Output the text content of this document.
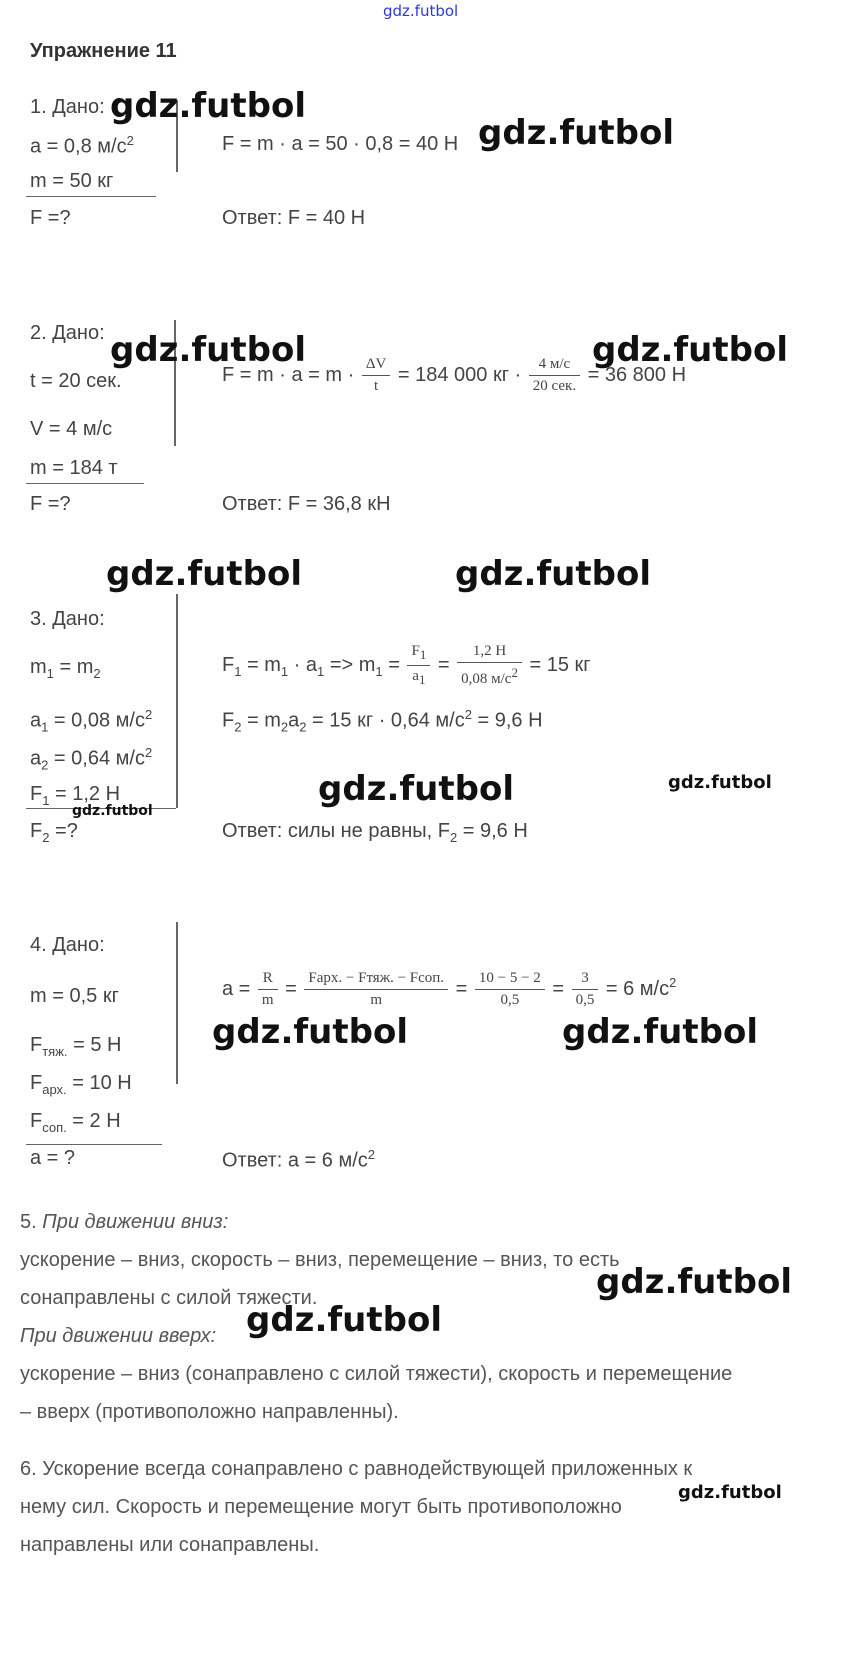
gdz.futbol
Упражнение 11
1. Дано:
a = 0,8 $м/с^2$
m = 50 кг
F =?
F = m · a = 50 · 0,8 = 40 Н
Ответ: F = 40 Н
2. Дано:
t = 20 сек.
V = 4 м/с
m = 184 т
F =?
$F = m \cdot a = m \cdot \frac{\Delta V}{t} = 184$ 000 кг · $\frac{4 м/с}{\text{20 сек.}} = 36$ 800 Н
Ответ: F = 36,8 кН
3. Дано:
$m_1 = m_2$
$a_1 = 0,08$ $м/с^2$
$a_2 = 0,64$ $м/с^2$
$F_1 = 1,2$ Н
$F_2$ =?
$F_1 = m_1 \cdot a_1 => m_1 = \frac{F_1}{a_1} = \frac{1,2 Н}{0,08 м/с^2} = 15$ кг
$F_2 = m_2a_2 = 15$ кг · 0,64 $м/с^2 = 9,6$ Н
Ответ: силы не равны, $F_2 = 9,6$ Н
4. Дано:
m = 0,5 кг
$F_{тяж.} = 5$ Н
$F_{арх.} = 10$ Н
$F_{соп.} = 2$ Н
a = ?
$a = \frac{R}{m} = \frac{\text{Fарх. − Fтяж. − Fсоп.}}{m} = \frac{10 - 5 - 2}{0,5} = \frac{3}{0,5} = 6$ $м/с^2$
Ответ: a = 6 $м/с^2$
5. При движении вниз:
ускорение – вниз, скорость – вниз, перемещение – вниз, то есть
сонаправлены с силой тяжести.
При движении вверх:
ускорение – вниз (сонаправлено с силой тяжести), скорость и перемещение
– вверх (противоположно направленны).
6. Ускорение всегда сонаправлено с равнодействующей приложенных к
нему сил. Скорость и перемещение могут быть противоположно
направлены или сонаправлены.
gdz.futbol
gdz.futbol
gdz.futbol	gdz.futbol
gdz.futbol	gdz.futbol
gdz.futbol	gdz.futbol
gdz.futbol
gdz.futbol	gdz.futbol
gdz.futbol
gdz.futbol
gdz.futbol
